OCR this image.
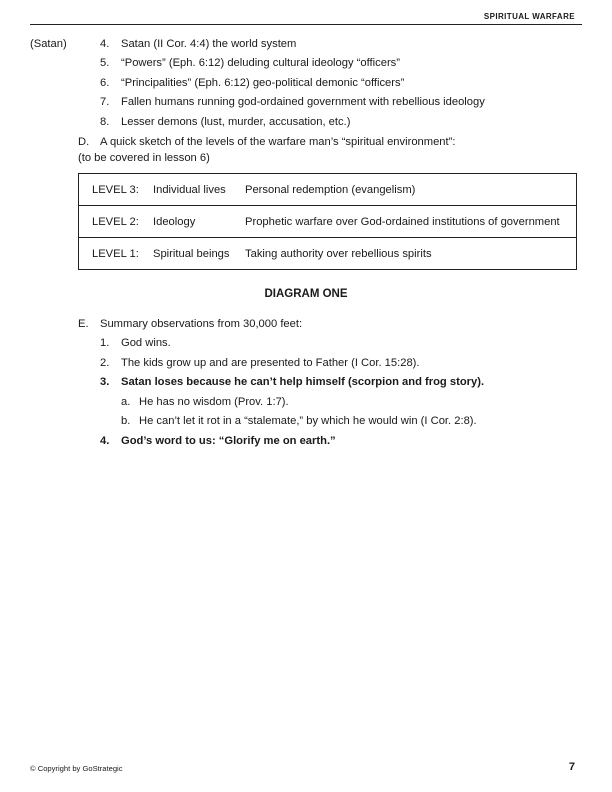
SPIRITUAL WARFARE
(Satan)	4. Satan (II Cor. 4:4) the world system
5. “Powers” (Eph. 6:12) deluding cultural ideology “officers”
6. “Principalities” (Eph. 6:12) geo-political demonic “officers”
7. Fallen humans running god-ordained government with rebellious ideology
8. Lesser demons (lust, murder, accusation, etc.)
D. A quick sketch of the levels of the warfare man’s “spiritual environment”:
(to be covered in lesson 6)
LEVEL 3:	Individual lives	Personal redemption (evangelism)
LEVEL 2:	Ideology	Prophetic warfare over God-ordained institutions of government
LEVEL 1:	Spiritual beings	Taking authority over rebellious spirits
DIAGRAM ONE
E. Summary observations from 30,000 feet:
1. God wins.
2. The kids grow up and are presented to Father (I Cor. 15:28).
3. Satan loses because he can’t help himself (scorpion and frog story).
a. He has no wisdom (Prov. 1:7).
b. He can’t let it rot in a “stalemate,” by which he would win (I Cor. 2:8).
4. God’s word to us: “Glorify me on earth.”
© Copyright by GoStrategic	7
